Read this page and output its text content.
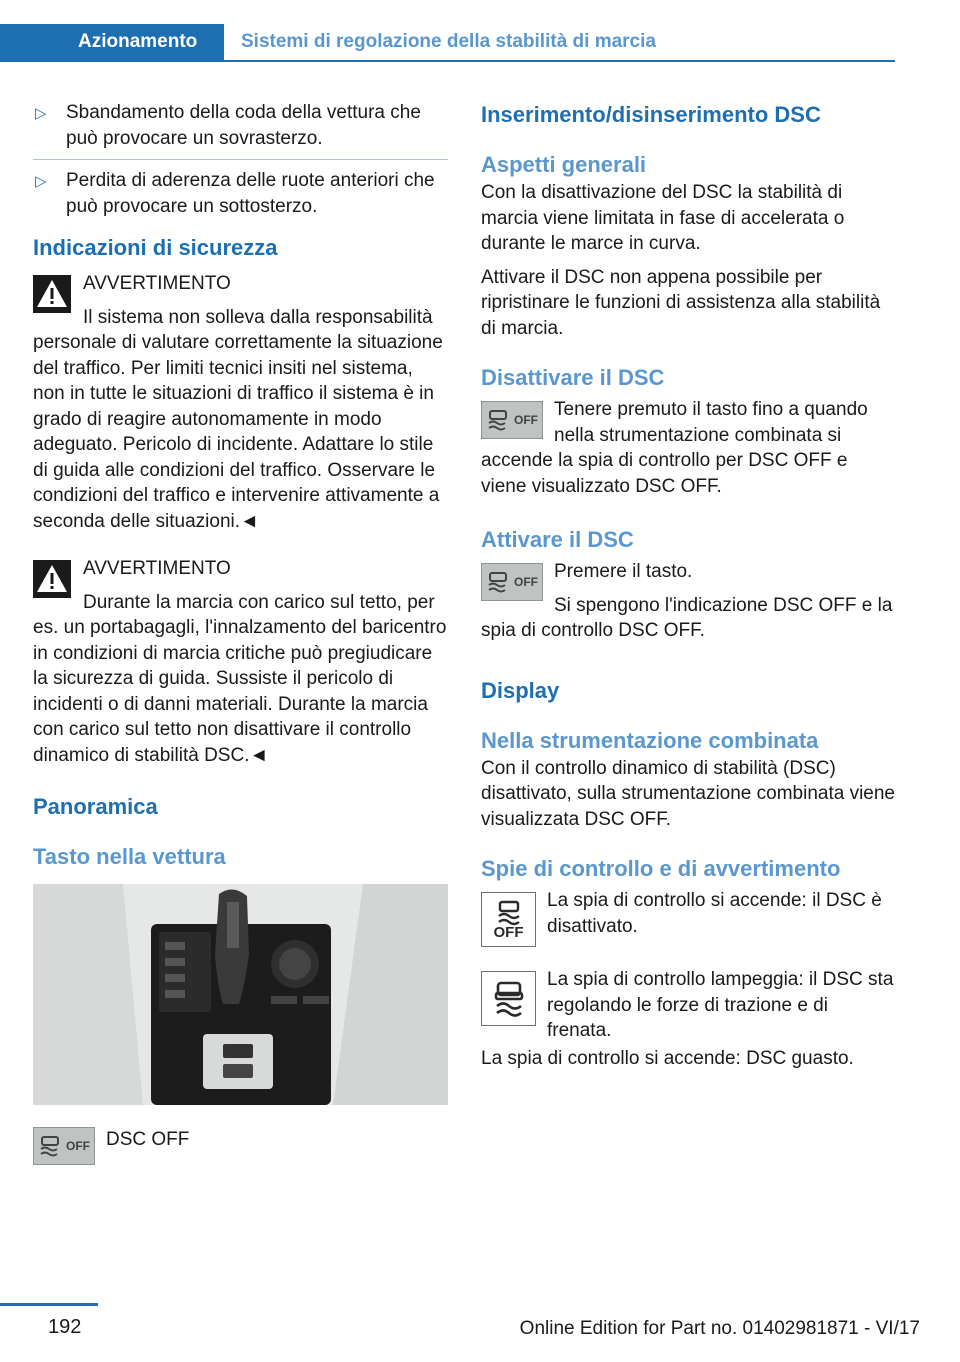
Azionamento	Sistemi di regolazione della stabilità di marcia
▷ Sbandamento della coda della vettura che può provocare un sovrasterzo.
▷ Perdita di aderenza delle ruote anteriori che può provocare un sottosterzo.
Indicazioni di sicurezza

AVVERTIMENTO

Il sistema non solleva dalla responsabilità personale di valutare correttamente la situazione del traffico. Per limiti tecnici insiti nel sistema, non in tutte le situazioni di traffico il sistema è in grado di reagire autonomamente in modo adeguato. Pericolo di incidente. Adattare lo stile di guida alle condizioni del traffico. Osservare le condizioni del traffico e intervenire attivamente a seconda delle situazioni.◄

AVVERTIMENTO

Durante la marcia con carico sul tetto, per es. un portabagagli, l'innalzamento del baricentro in condizioni di marcia critiche può pregiudicare la sicurezza di guida. Sussiste il pericolo di incidenti o di danni materiali. Durante la marcia con carico sul tetto non disattivare il controllo dinamico di stabilità DSC.◄

Panoramica
Tasto nella vettura
OFF DSC OFF

Inserimento/disinserimento DSC
Aspetti generali

Con la disattivazione del DSC la stabilità di marcia viene limitata in fase di accelerata o durante le marce in curva.

Attivare il DSC non appena possibile per ripristinare le funzioni di assistenza alla stabilità di marcia.

Disattivare il DSC
OFF Tenere premuto il tasto fino a quando nella strumentazione combinata si accende la spia di controllo per DSC OFF e viene visualizzato DSC OFF.

Attivare il DSC
OFF Premere il tasto.

Si spengono l'indicazione DSC OFF e la spia di controllo DSC OFF.

Display
Nella strumentazione combinata

Con il controllo dinamico di stabilità (DSC) disattivato, sulla strumentazione combinata viene visualizzata DSC OFF.

Spie di controllo e di avvertimento
OFF

La spia di controllo si accende: il DSC è disattivato.

La spia di controllo lampeggia: il DSC sta regolando le forze di trazione e di frenata.

La spia di controllo si accende: DSC guasto.

192	Online Edition for Part no. 01402981871 - VI/17
